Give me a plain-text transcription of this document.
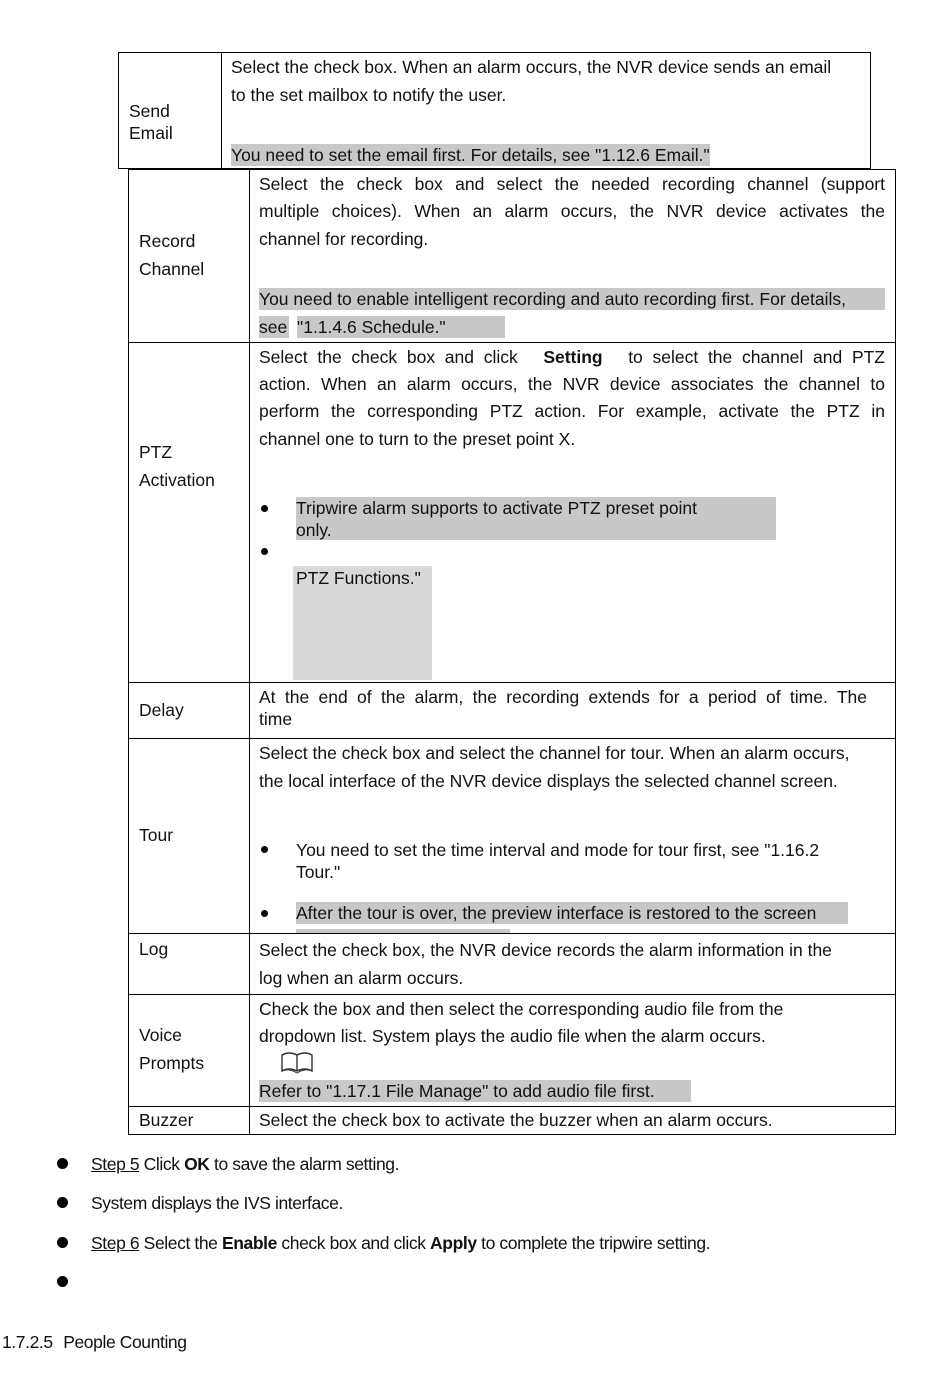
Send
Email
Select the check box. When an alarm occurs, the NVR device sends an email
to the set mailbox to notify the user.
You need to set the email first. For details, see "1.12.6 Email."
Record
Channel
Select the check box and select the needed recording channel (support
multiple choices). When an alarm occurs, the NVR device activates the
channel for recording.
You need to enable intelligent recording and auto recording first. For details,
see "1.1.4.6 Schedule."
PTZ
Activation
Select  the  check  box  and  click Setting to  select  the  channel  and  PTZ
action. When an alarm occurs, the NVR device associates the channel to
perform the corresponding PTZ action. For example, activate the PTZ in
channel one to turn to the preset point X.
Tripwire alarm supports to activate PTZ preset point
only.
PTZ Functions."
Delay
At the end of the alarm, the recording extends for a period of time. The
time
Tour
Select the check box and select the channel for tour. When an alarm occurs,
the local interface of the NVR device displays the selected channel screen.
You need to set the time interval and mode for tour first, see "1.16.2
Tour."
After the tour is over, the preview interface is restored to the screen
Log	Select the check box, the NVR device records the alarm information in the
log when an alarm occurs.
Voice
Prompts
Check the box and then select the corresponding audio file from the
dropdown list. System plays the audio file when the alarm occurs.
Refer to "1.17.1 File Manage" to add audio file first.
Buzzer	Select the check box to activate the buzzer when an alarm occurs.
Step 5 Click OK to save the alarm setting.
System displays the IVS interface.
Step 6 Select the Enable check box and click Apply to complete the tripwire setting.
1.7.2.5 People Counting
